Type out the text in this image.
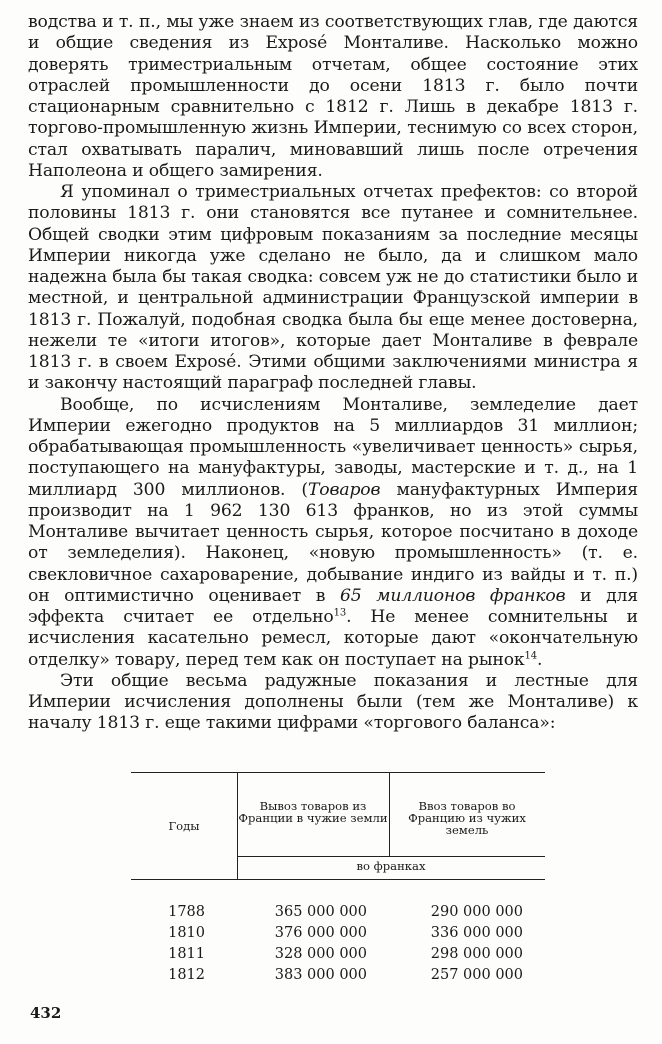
водства и т. п., мы уже знаем из соответствующих глав, где даются и общие сведения из Exposé Монталиве. Насколько можно доверять триместриальным отчетам, общее состояние этих отраслей промышленности до осени 1813 г. было почти стационарным сравнительно с 1812 г. Лишь в декабре 1813 г. торгово-промышленную жизнь Империи, теснимую со всех сторон, стал охватывать паралич, миновавший лишь после отречения Наполеона и общего замирения.

Я упоминал о триместриальных отчетах префектов: со второй половины 1813 г. они становятся все путанее и сомнительнее. Общей сводки этим цифровым показаниям за последние месяцы Империи никогда уже сделано не было, да и слишком мало надежна была бы такая сводка: совсем уж не до статистики было и местной, и центральной администрации Французской империи в 1813 г. Пожалуй, подобная сводка была бы еще менее достоверна, нежели те «итоги итогов», которые дает Монталиве в феврале 1813 г. в своем Exposé. Этими общими заключениями министра я и закончу настоящий параграф последней главы.

Вообще, по исчислениям Монталиве, земледелие дает Империи ежегодно продуктов на 5 миллиардов 31 миллион; обрабатывающая промышленность «увеличивает ценность» сырья, поступающего на мануфактуры, заводы, мастерские и т. д., на 1 миллиард 300 миллионов. (Товаров мануфактурных Империя производит на 1 962 130 613 франков, но из этой суммы Монталиве вычитает ценность сырья, которое посчитано в доходе от земледелия). Наконец, «новую промышленность» (т. е. свекловичное сахароварение, добывание индиго из вайды и т. п.) он оптимистично оценивает в 65 миллионов франков и для эффекта считает ее отдельно$^{13}$. Не менее сомнительны и исчисления касательно ремесл, которые дают «окончательную отделку» товару, перед тем как он поступает на рынок$^{14}$.

Эти общие весьма радужные показания и лестные для Империи исчисления дополнены были (тем же Монталиве) к началу 1813 г. еще такими цифрами «торгового баланса»:

Годы
Вывоз товаров из Франции в чужие земли
Ввоз товаров во Францию из чужих земель
во франках
1788	365 000 000	290 000 000
1810	376 000 000	336 000 000
1811	328 000 000	298 000 000
1812	383 000 000	257 000 000
432
